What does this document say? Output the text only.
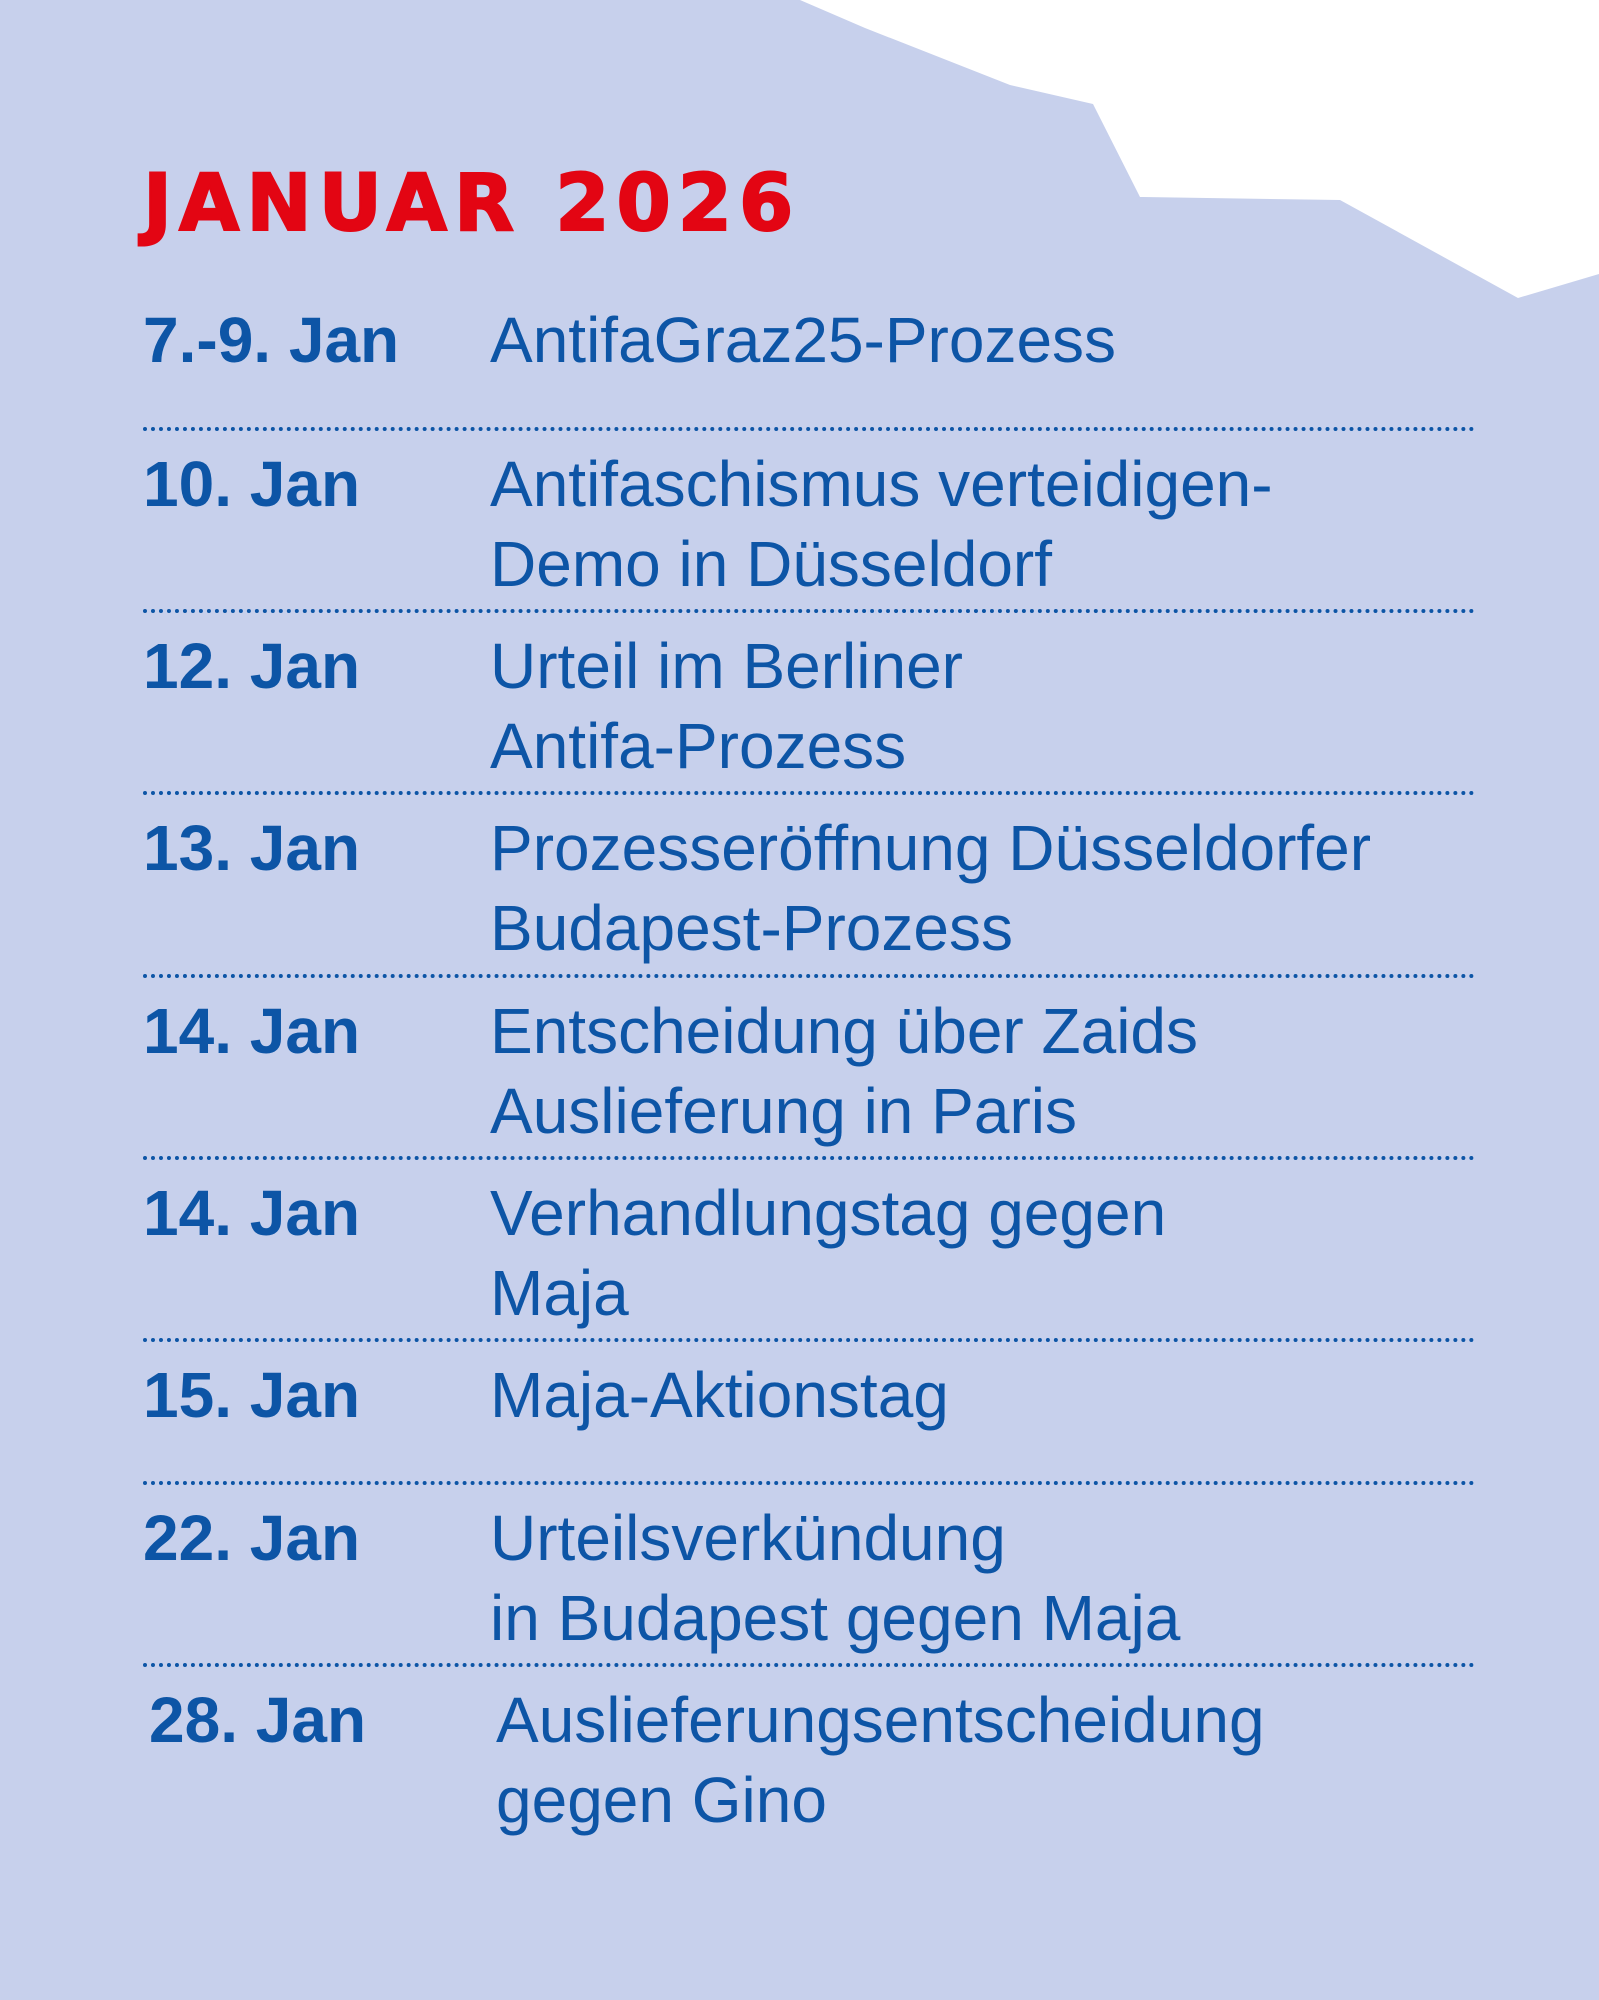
JANUAR 2026
7.-9. Jan AntifaGraz25-Prozess
10. Jan Antifaschismus verteidigen-
Demo in Düsseldorf
12. Jan Urteil im Berliner
Antifa-Prozess
13. Jan Prozesseröffnung Düsseldorfer
Budapest-Prozess
14. Jan Entscheidung über Zaids
Auslieferung in Paris
14. Jan Verhandlungstag gegen
Maja
15. Jan Maja-Aktionstag
22. Jan Urteilsverkündung
in Budapest gegen Maja
28. Jan Auslieferungsentscheidung
gegen Gino
